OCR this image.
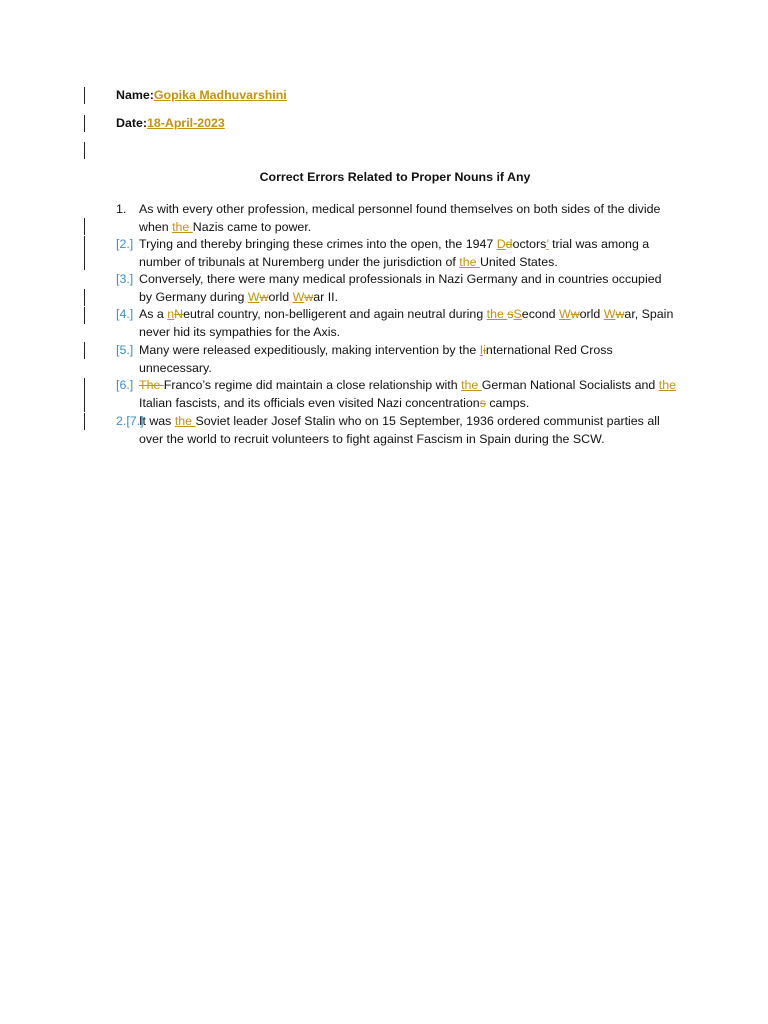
Name:Gopika Madhuvarshini
Date:18-April-2023
Correct Errors Related to Proper Nouns if Any
1. As with every other profession, medical personnel found themselves on both sides of the divide when the Nazis came to power.
[2.] Trying and thereby bringing these crimes into the open, the 1947 Ddoctors’ trial was among a number of tribunals at Nuremberg under the jurisdiction of the United States.
[3.] Conversely, there were many medical professionals in Nazi Germany and in countries occupied by Germany during Wworld Wwar II.
[4.] As a nNeutral country, non-belligerent and again neutral during the sSecond Wworld Wwar, Spain never hid its sympathies for the Axis.
[5.] Many were released expeditiously, making intervention by the Iinternational Red Cross unnecessary.
[6.] The Franco’s regime did maintain a close relationship with the German National Socialists and the Italian fascists, and its officials even visited Nazi concentrations camps.
2.[7.]
It was the Soviet leader Josef Stalin who on 15 September, 1936 ordered communist parties all over the world to recruit volunteers to fight against Fascism in Spain during the SCW.
